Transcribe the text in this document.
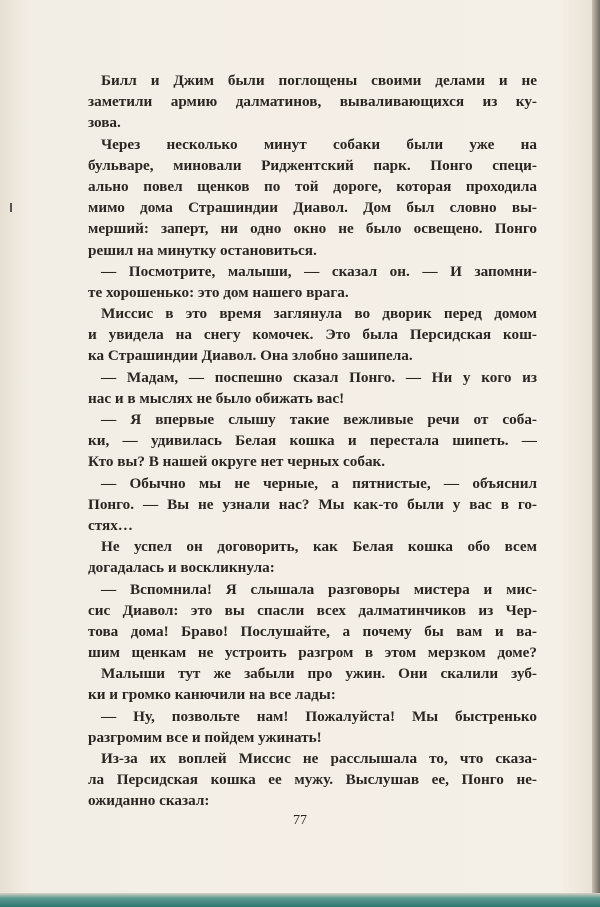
Билл и Джим были поглощены своими делами и не
заметили армию далматинов, вываливающихся из ку-
зова.
Через несколько минут собаки были уже на
бульваре, миновали Риджентский парк. Понго специ-
ально повел щенков по той дороге, которая проходила
мимо дома Страшиндии Диавол. Дом был словно вы-
мерший: заперт, ни одно окно не было освещено. Понго
решил на минутку остановиться.
— Посмотрите, малыши, — сказал он. — И запомни-
те хорошенько: это дом нашего врага.
Миссис в это время заглянула во дворик перед домом
и увидела на снегу комочек. Это была Персидская кош-
ка Страшиндии Диавол. Она злобно зашипела.
— Мадам, — поспешно сказал Понго. — Ни у кого из
нас и в мыслях не было обижать вас!
— Я впервые слышу такие вежливые речи от соба-
ки, — удивилась Белая кошка и перестала шипеть. —
Кто вы? В нашей округе нет черных собак.
— Обычно мы не черные, а пятнистые, — объяснил
Понго. — Вы не узнали нас? Мы как-то были у вас в го-
стях…
Не успел он договорить, как Белая кошка обо всем
догадалась и воскликнула:
— Вспомнила! Я слышала разговоры мистера и мис-
сис Диавол: это вы спасли всех далматинчиков из Чер-
това дома! Браво! Послушайте, а почему бы вам и ва-
шим щенкам не устроить разгром в этом мерзком доме?
Малыши тут же забыли про ужин. Они скалили зуб-
ки и громко канючили на все лады:
— Ну, позвольте нам! Пожалуйста! Мы быстренько
разгромим все и пойдем ужинать!
Из-за их воплей Миссис не расслышала то, что сказа-
ла Персидская кошка ее мужу. Выслушав ее, Понго не-
ожиданно сказал:
77
